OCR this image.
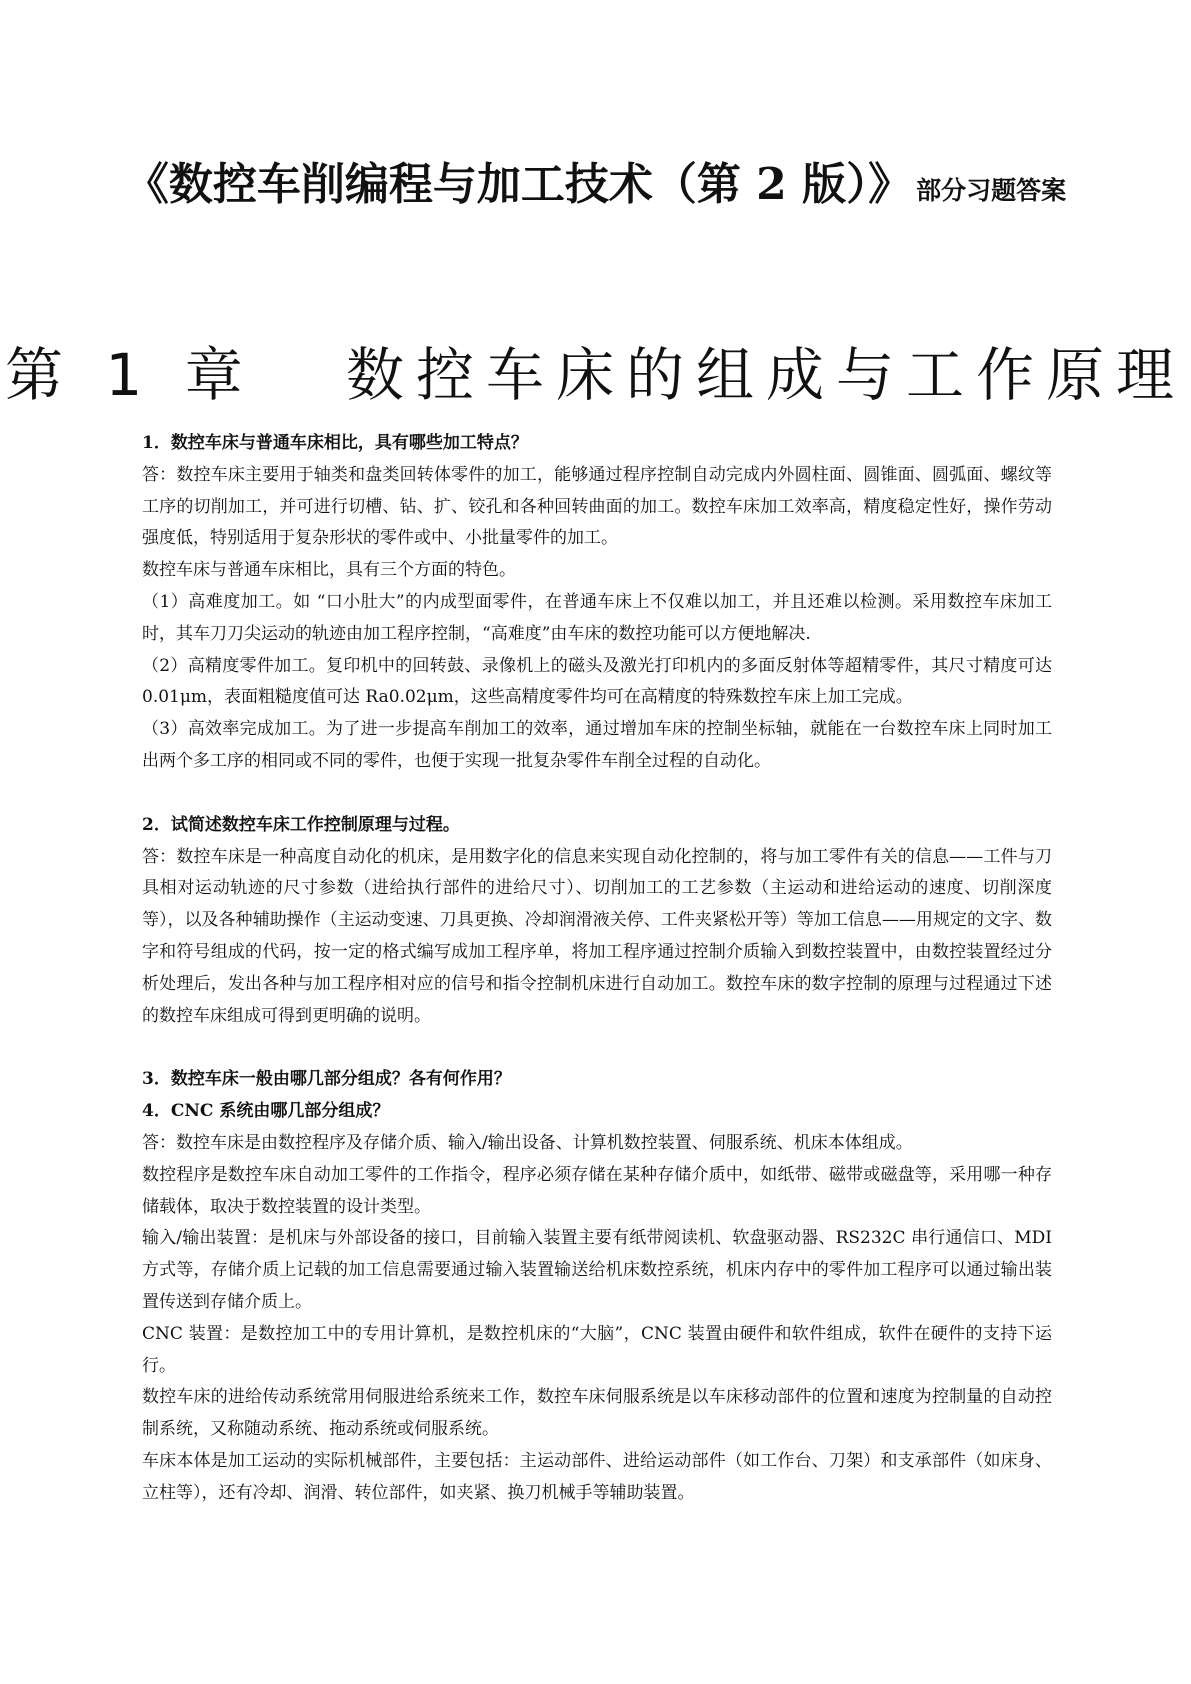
《数控车削编程与加工技术（第 2 版）》 部分习题答案
第 1 章   数控车床的组成与工作原理

1．数控车床与普通车床相比，具有哪些加工特点？

答：数控车床主要用于轴类和盘类回转体零件的加工，能够通过程序控制自动完成内外圆柱面、圆锥面、圆弧面、螺纹等工序的切削加工，并可进行切槽、钻、扩、铰孔和各种回转曲面的加工。数控车床加工效率高，精度稳定性好，操作劳动强度低，特别适用于复杂形状的零件或中、小批量零件的加工。

数控车床与普通车床相比，具有三个方面的特色。

（1）高难度加工。如 “口小肚大”的内成型面零件，在普通车床上不仅难以加工，并且还难以检测。采用数控车床加工时，其车刀刀尖运动的轨迹由加工程序控制，“高难度”由车床的数控功能可以方便地解决.

（2）高精度零件加工。复印机中的回转鼓、录像机上的磁头及激光打印机内的多面反射体等超精零件，其尺寸精度可达 0.01μm，表面粗糙度值可达 Ra0.02μm，这些高精度零件均可在高精度的特殊数控车床上加工完成。

（3）高效率完成加工。为了进一步提高车削加工的效率，通过增加车床的控制坐标轴，就能在一台数控车床上同时加工出两个多工序的相同或不同的零件，也便于实现一批复杂零件车削全过程的自动化。

2．试简述数控车床工作控制原理与过程。

答：数控车床是一种高度自动化的机床，是用数字化的信息来实现自动化控制的，将与加工零件有关的信息——工件与刀具相对运动轨迹的尺寸参数（进给执行部件的进给尺寸）、切削加工的工艺参数（主运动和进给运动的速度、切削深度等），以及各种辅助操作（主运动变速、刀具更换、冷却润滑液关停、工件夹紧松开等）等加工信息——用规定的文字、数字和符号组成的代码，按一定的格式编写成加工程序单，将加工程序通过控制介质输入到数控装置中，由数控装置经过分析处理后，发出各种与加工程序相对应的信号和指令控制机床进行自动加工。数控车床的数字控制的原理与过程通过下述的数控车床组成可得到更明确的说明。

3．数控车床一般由哪几部分组成？各有何作用？

4．CNC 系统由哪几部分组成？

答：数控车床是由数控程序及存储介质、输入/输出设备、计算机数控装置、伺服系统、机床本体组成。

数控程序是数控车床自动加工零件的工作指令，程序必须存储在某种存储介质中，如纸带、磁带或磁盘等，采用哪一种存储载体，取决于数控装置的设计类型。

输入/输出装置：是机床与外部设备的接口，目前输入装置主要有纸带阅读机、软盘驱动器、RS232C 串行通信口、MDI 方式等，存储介质上记载的加工信息需要通过输入装置输送给机床数控系统，机床内存中的零件加工程序可以通过输出装置传送到存储介质上。

CNC 装置：是数控加工中的专用计算机，是数控机床的“大脑”，CNC 装置由硬件和软件组成，软件在硬件的支持下运行。

数控车床的进给传动系统常用伺服进给系统来工作，数控车床伺服系统是以车床移动部件的位置和速度为控制量的自动控制系统，又称随动系统、拖动系统或伺服系统。

车床本体是加工运动的实际机械部件，主要包括：主运动部件、进给运动部件（如工作台、刀架）和支承部件（如床身、立柱等），还有冷却、润滑、转位部件，如夹紧、换刀机械手等辅助装置。
